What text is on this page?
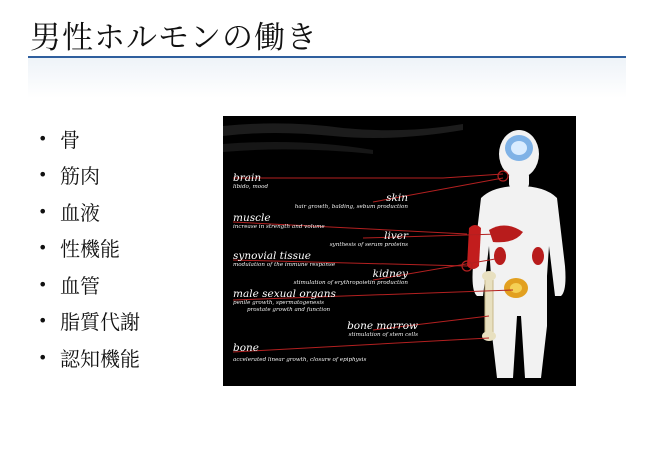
男性ホルモンの働き
• 骨
• 筋肉
• 血液
• 性機能
• 血管
• 脂質代謝
• 認知機能
brain
libido, mood
skin
hair growth, balding, sebum production
muscle
increase in strength and volume
liver
synthesis of serum proteins
synovial tissue
modulation of the immune response
kidney
stimulation of erythropoietin production
male sexual organs
penile growth, spermatogenesis
prostate growth and function
bone marrow
stimulation of stem cells
bone
accelerated linear growth, closure of epiphysis
